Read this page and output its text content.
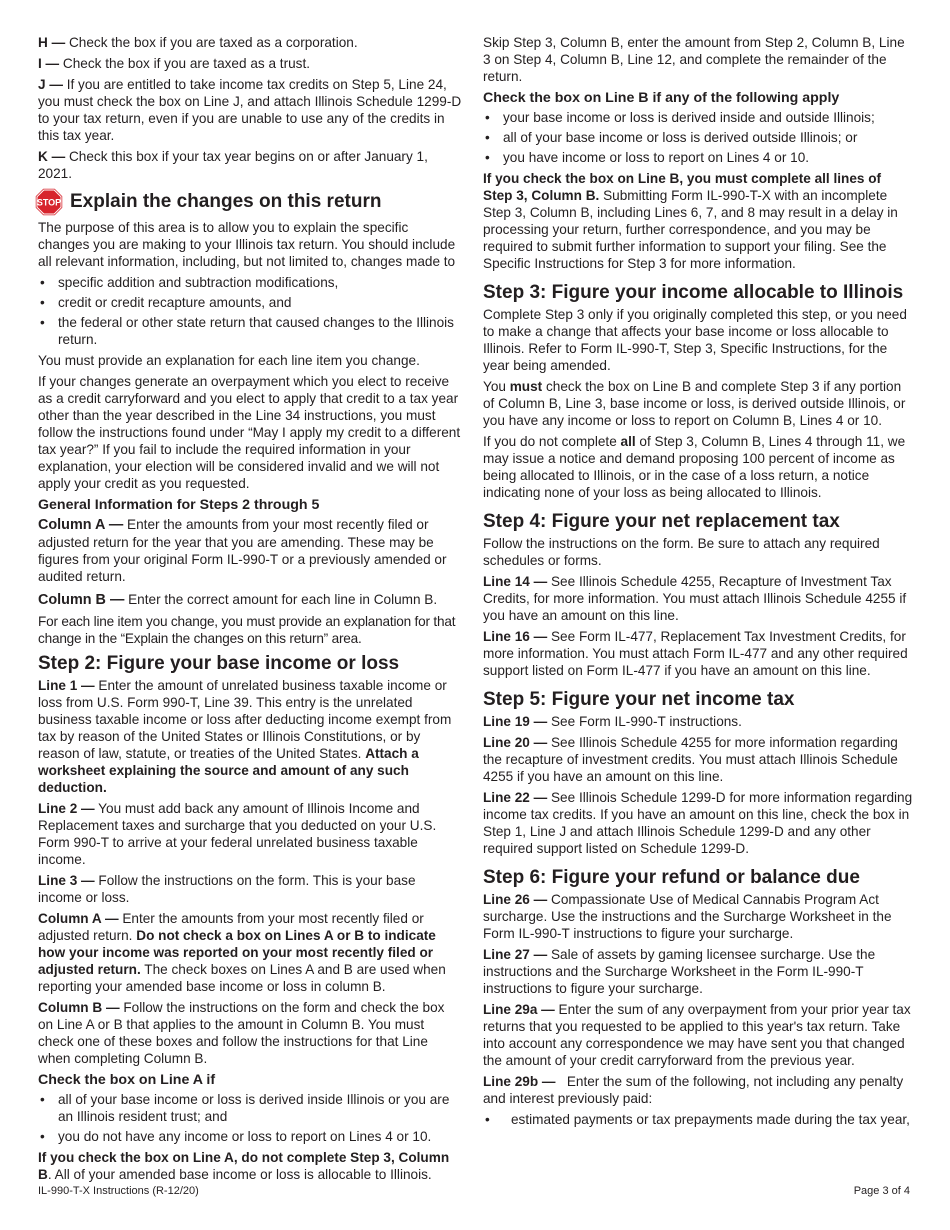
H — Check the box if you are taxed as a corporation.

I — Check the box if you are taxed as a trust.

J — If you are entitled to take income tax credits on Step 5, Line 24, you must check the box on Line J, and attach Illinois Schedule 1299-D to your tax return, even if you are unable to use any of the credits in this tax year.

K — Check this box if your tax year begins on or after January 1, 2021.

STOP Explain the changes on this return

The purpose of this area is to allow you to explain the specific changes you are making to your Illinois tax return. You should include all relevant information, including, but not limited to, changes made to

• specific addition and subtraction modifications,
• credit or credit recapture amounts, and
• the federal or other state return that caused changes to the Illinois return.

You must provide an explanation for each line item you change.

If your changes generate an overpayment which you elect to receive as a credit carryforward and you elect to apply that credit to a tax year other than the year described in the Line 34 instructions, you must follow the instructions found under “May I apply my credit to a different tax year?” If you fail to include the required information in your explanation, your election will be considered invalid and we will not apply your credit as you requested.

General Information for Steps 2 through 5

Column A — Enter the amounts from your most recently filed or adjusted return for the year that you are amending. These may be figures from your original Form IL-990-T or a previously amended or audited return.

Column B — Enter the correct amount for each line in Column B.

For each line item you change, you must provide an explanation for that change in the “Explain the changes on this return” area.

Step 2: Figure your base income or loss

Line 1 — Enter the amount of unrelated business taxable income or loss from U.S. Form 990-T, Line 39. This entry is the unrelated business taxable income or loss after deducting income exempt from tax by reason of the United States or Illinois Constitutions, or by reason of law, statute, or treaties of the United States. Attach a worksheet explaining the source and amount of any such deduction.

Line 2 — You must add back any amount of Illinois Income and Replacement taxes and surcharge that you deducted on your U.S. Form 990-T to arrive at your federal unrelated business taxable income.

Line 3 — Follow the instructions on the form. This is your base income or loss.

Column A — Enter the amounts from your most recently filed or adjusted return. Do not check a box on Lines A or B to indicate how your income was reported on your most recently filed or adjusted return. The check boxes on Lines A and B are used when reporting your amended base income or loss in column B.

Column B — Follow the instructions on the form and check the box on Line A or B that applies to the amount in Column B. You must check one of these boxes and follow the instructions for that Line when completing Column B.

Check the box on Line A if
• all of your base income or loss is derived inside Illinois or you are an Illinois resident trust; and
• you do not have any income or loss to report on Lines 4 or 10.

If you check the box on Line A, do not complete Step 3, Column B. All of your amended base income or loss is allocable to Illinois.

Skip Step 3, Column B, enter the amount from Step 2, Column B, Line 3 on Step 4, Column B, Line 12, and complete the remainder of the return.

Check the box on Line B if any of the following apply
• your base income or loss is derived inside and outside Illinois;
• all of your base income or loss is derived outside Illinois; or
• you have income or loss to report on Lines 4 or 10.

If you check the box on Line B, you must complete all lines of Step 3, Column B. Submitting Form IL-990-T-X with an incomplete Step 3, Column B, including Lines 6, 7, and 8 may result in a delay in processing your return, further correspondence, and you may be required to submit further information to support your filing. See the Specific Instructions for Step 3 for more information.

Step 3: Figure your income allocable to Illinois

Complete Step 3 only if you originally completed this step, or you need to make a change that affects your base income or loss allocable to Illinois. Refer to Form IL-990-T, Step 3, Specific Instructions, for the year being amended.

You must check the box on Line B and complete Step 3 if any portion of Column B, Line 3, base income or loss, is derived outside Illinois, or you have any income or loss to report on Column B, Lines 4 or 10.

If you do not complete all of Step 3, Column B, Lines 4 through 11, we may issue a notice and demand proposing 100 percent of income as being allocated to Illinois, or in the case of a loss return, a notice indicating none of your loss as being allocated to Illinois.

Step 4: Figure your net replacement tax

Follow the instructions on the form. Be sure to attach any required schedules or forms.

Line 14 — See Illinois Schedule 4255, Recapture of Investment Tax Credits, for more information. You must attach Illinois Schedule 4255 if you have an amount on this line.

Line 16 — See Form IL-477, Replacement Tax Investment Credits, for more information. You must attach Form IL-477 and any other required support listed on Form IL-477 if you have an amount on this line.

Step 5: Figure your net income tax

Line 19 — See Form IL-990-T instructions.

Line 20 — See Illinois Schedule 4255 for more information regarding the recapture of investment credits. You must attach Illinois Schedule 4255 if you have an amount on this line.

Line 22 — See Illinois Schedule 1299-D for more information regarding income tax credits. If you have an amount on this line, check the box in Step 1, Line J and attach Illinois Schedule 1299-D and any other required support listed on Schedule 1299-D.

Step 6: Figure your refund or balance due

Line 26 — Compassionate Use of Medical Cannabis Program Act surcharge. Use the instructions and the Surcharge Worksheet in the Form IL-990-T instructions to figure your surcharge.

Line 27 — Sale of assets by gaming licensee surcharge. Use the instructions and the Surcharge Worksheet in the Form IL-990-T instructions to figure your surcharge.

Line 29a — Enter the sum of any overpayment from your prior year tax returns that you requested to be applied to this year's tax return. Take into account any correspondence we may have sent you that changed the amount of your credit carryforward from the previous year.

Line 29b —   Enter the sum of the following, not including any penalty and interest previously paid:

• estimated payments or tax prepayments made during the tax year,
IL-990-T-X Instructions (R-12/20)	Page 3 of 4
